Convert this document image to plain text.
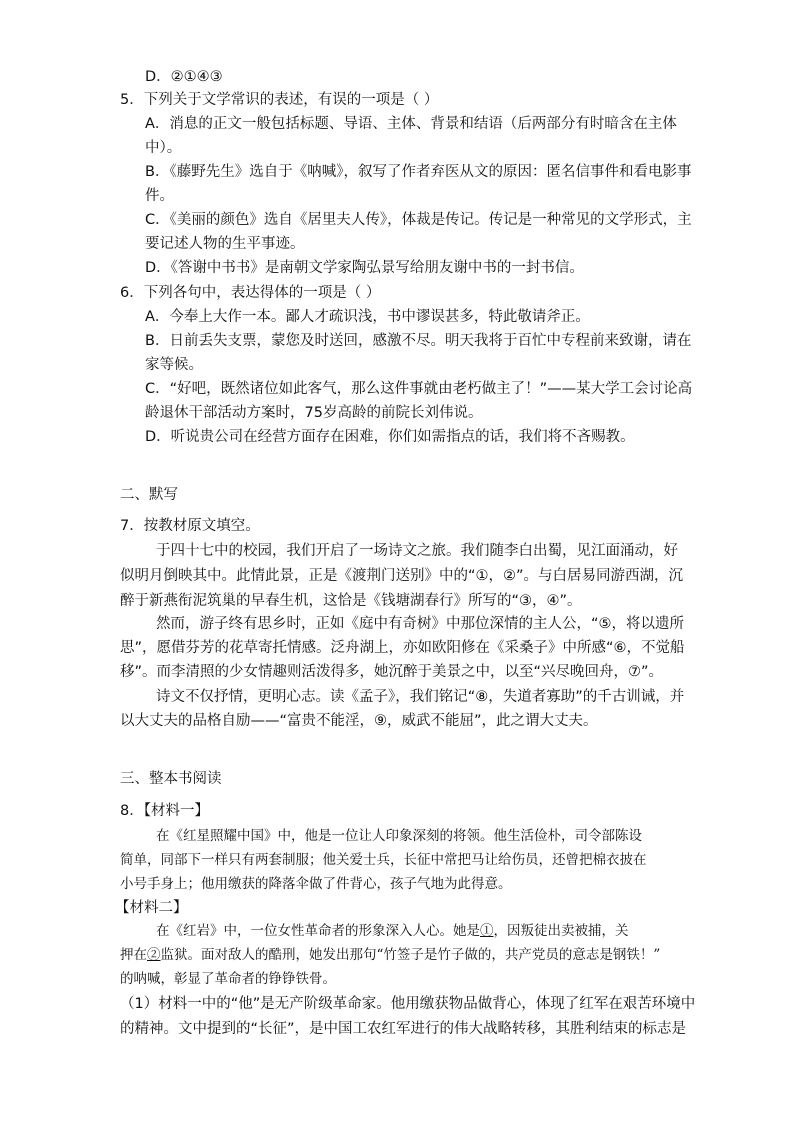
D．②①④③
5．下列关于文学常识的表述，有误的一项是（ ）
A．消息的正文一般包括标题、导语、主体、背景和结语（后两部分有时暗含在主体
中）。
B．《藤野先生》选自于《呐喊》，叙写了作者弃医从文的原因：匿名信事件和看电影事
件。
C．《美丽的颜色》选自《居里夫人传》，体裁是传记。传记是一种常见的文学形式，主
要记述人物的生平事迹。
D．《答谢中书书》是南朝文学家陶弘景写给朋友谢中书的一封书信。
6．下列各句中，表达得体的一项是（ ）
A．今奉上大作一本。鄙人才疏识浅，书中谬误甚多，特此敬请斧正。
B．日前丢失支票，蒙您及时送回，感激不尽。明天我将于百忙中专程前来致谢，请在
家等候。
C．“好吧，既然诸位如此客气，那么这件事就由老朽做主了！”——某大学工会讨论高
龄退休干部活动方案时，75岁高龄的前院长刘伟说。
D．听说贵公司在经营方面存在困难，你们如需指点的话，我们将不吝赐教。
二、默写
7．按教材原文填空。
于四十七中的校园，我们开启了一场诗文之旅。我们随李白出蜀，见江面涌动，好
似明月倒映其中。此情此景，正是《渡荆门送别》中的“①，②”。与白居易同游西湖，沉
醉于新燕衔泥筑巢的早春生机，这恰是《钱塘湖春行》所写的“③，④”。
然而，游子终有思乡时，正如《庭中有奇树》中那位深情的主人公，“⑤，将以遗所
思”，愿借芬芳的花草寄托情感。泛舟湖上，亦如欧阳修在《采桑子》中所感“⑥，不觉船
移”。而李清照的少女情趣则活泼得多，她沉醉于美景之中，以至“兴尽晚回舟，⑦”。
诗文不仅抒情，更明心志。读《孟子》，我们铭记“⑧，失道者寡助”的千古训诫，并
以大丈夫的品格自励——“富贵不能淫，⑨，威武不能屈”，此之谓大丈夫。
三、整本书阅读
8．【材料一】
在《红星照耀中国》中，他是一位让人印象深刻的将领。他生活俭朴，司令部陈设
简单，同部下一样只有两套制服；他关爱士兵，长征中常把马让给伤员，还曾把棉衣披在
小号手身上；他用缴获的降落伞做了件背心，孩子气地为此得意。
【材料二】
在《红岩》中，一位女性革命者的形象深入人心。她是①，因叛徒出卖被捕，关
押在②监狱。面对敌人的酷刑，她发出那句“竹签子是竹子做的，共产党员的意志是钢铁！”
的呐喊，彰显了革命者的铮铮铁骨。
（1）材料一中的“他”是无产阶级革命家。他用缴获物品做背心，体现了红军在艰苦环境中
的精神。文中提到的“长征”，是中国工农红军进行的伟大战略转移，其胜利结束的标志是
